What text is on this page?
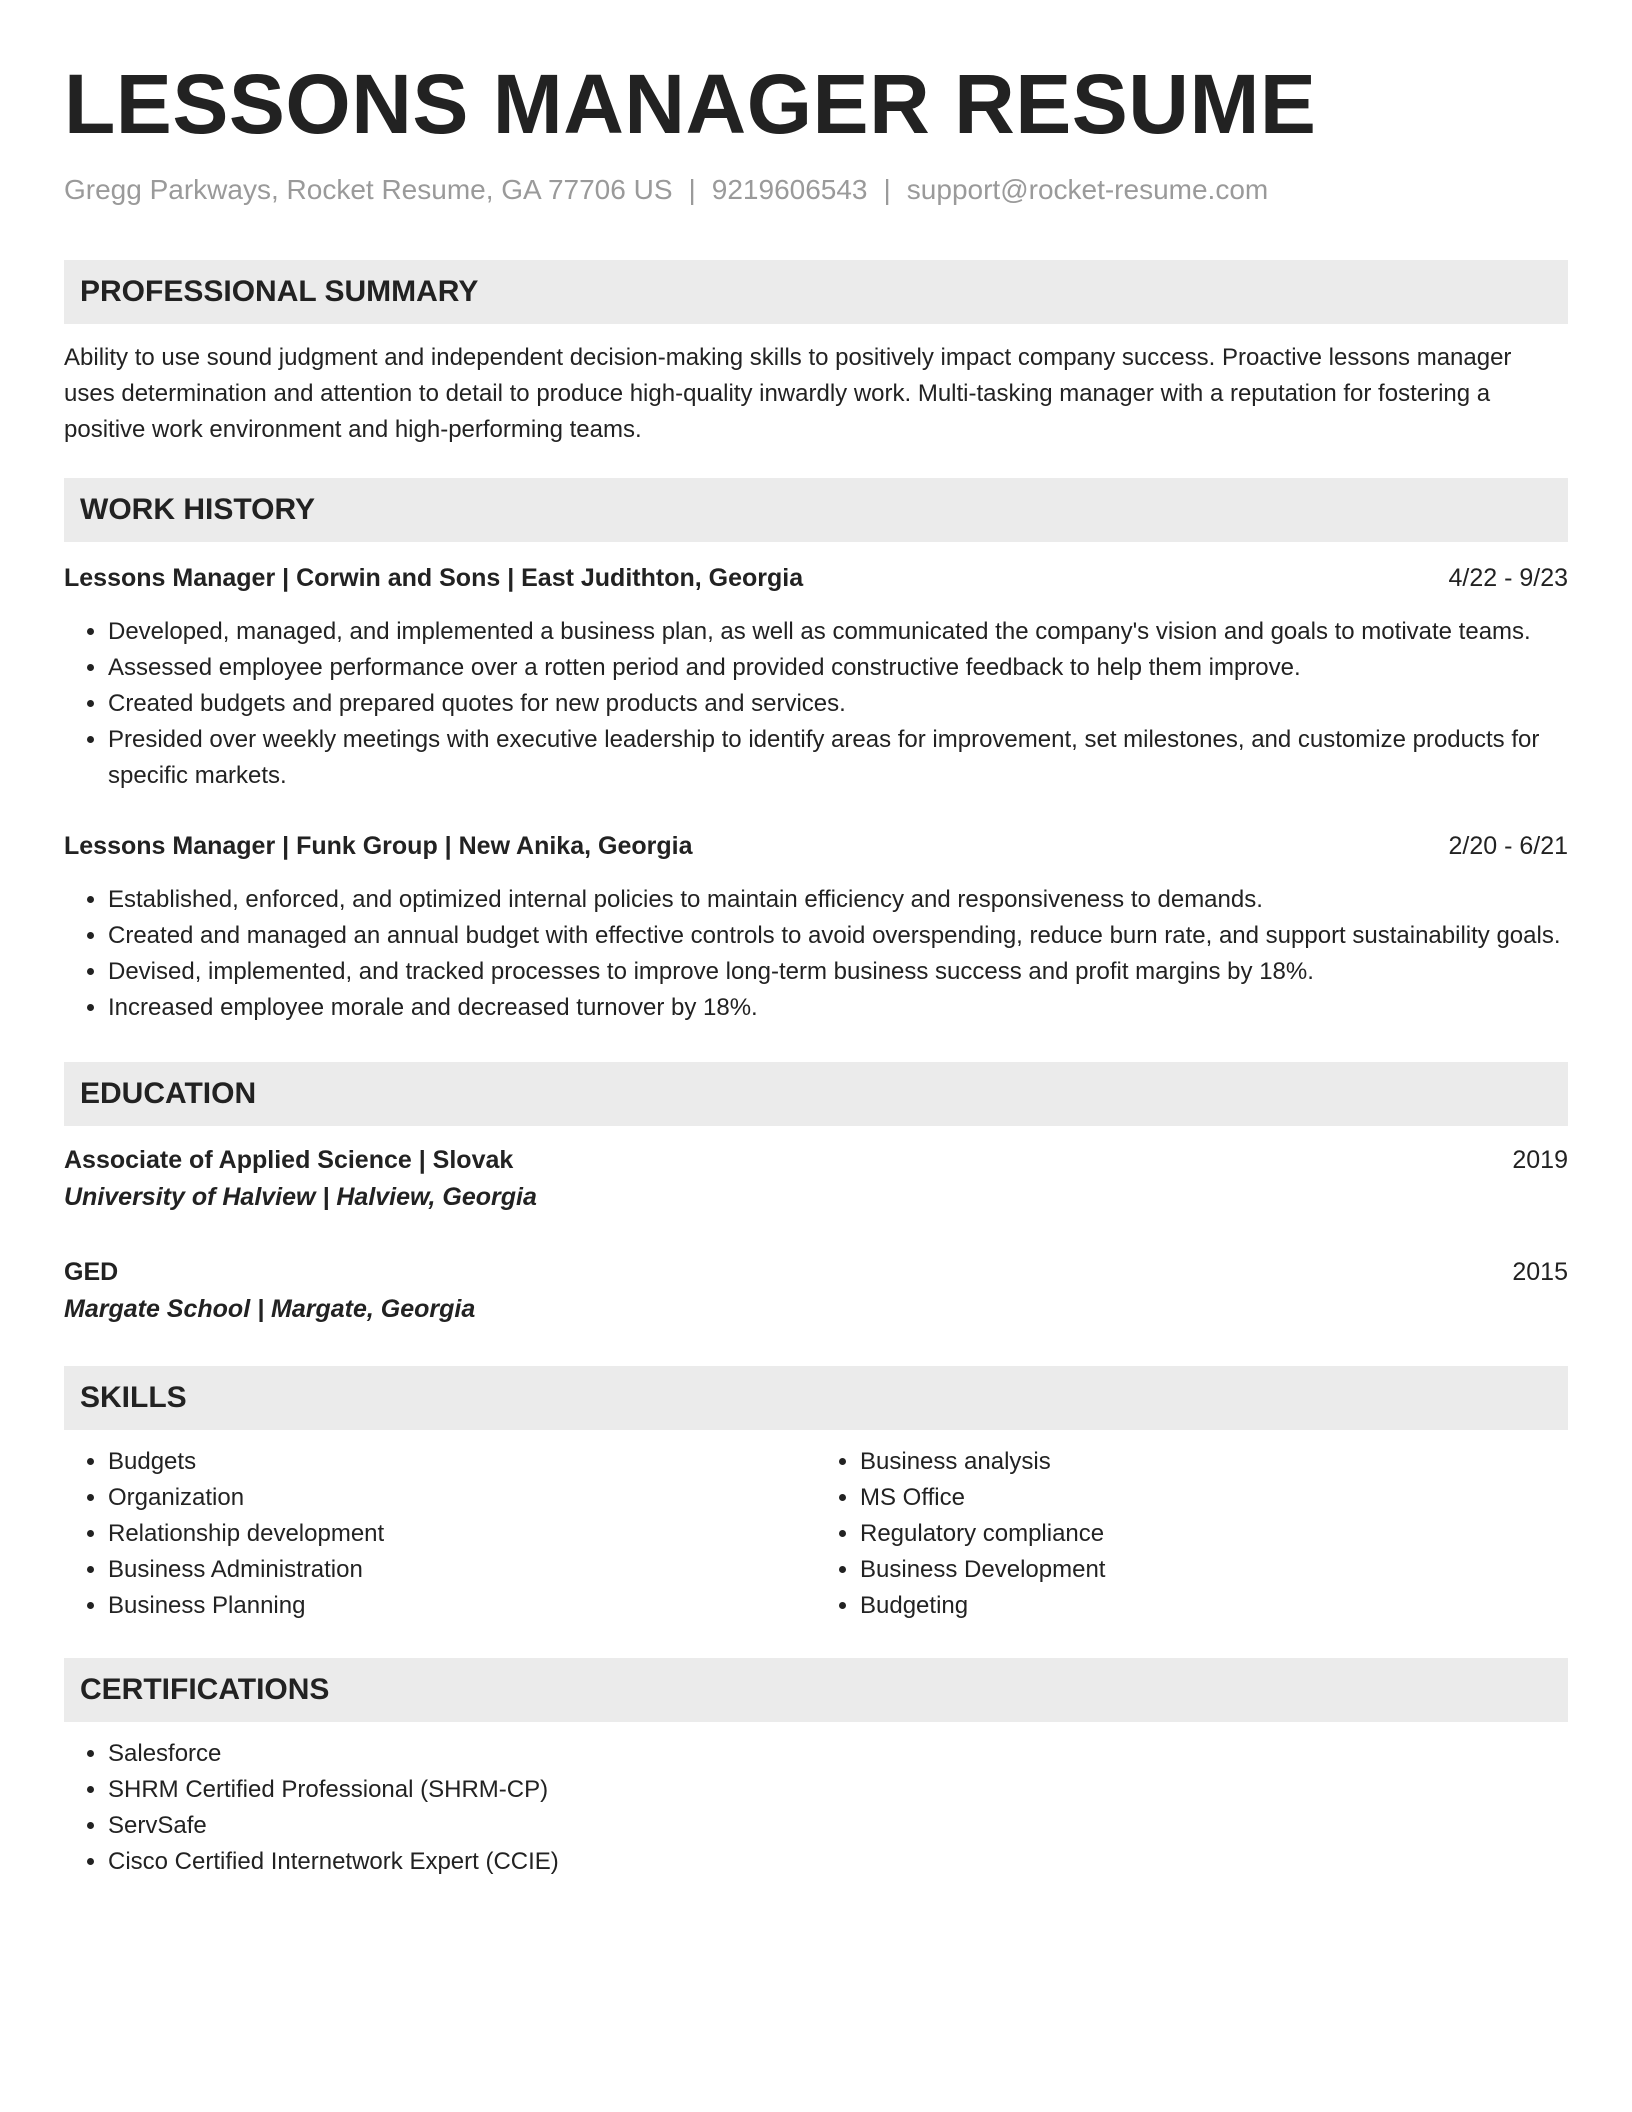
LESSONS MANAGER RESUME
Gregg Parkways, Rocket Resume, GA 77706 US | 9219606543 | support@rocket-resume.com
PROFESSIONAL SUMMARY
Ability to use sound judgment and independent decision-making skills to positively impact company success. Proactive lessons manager uses determination and attention to detail to produce high-quality inwardly work. Multi-tasking manager with a reputation for fostering a positive work environment and high-performing teams.
WORK HISTORY
Lessons Manager | Corwin and Sons | East Judithton, Georgia	4/22 - 9/23
• Developed, managed, and implemented a business plan, as well as communicated the company's vision and goals to motivate teams.
• Assessed employee performance over a rotten period and provided constructive feedback to help them improve.
• Created budgets and prepared quotes for new products and services.
• Presided over weekly meetings with executive leadership to identify areas for improvement, set milestones, and customize products for specific markets.
Lessons Manager | Funk Group | New Anika, Georgia	2/20 - 6/21
• Established, enforced, and optimized internal policies to maintain efficiency and responsiveness to demands.
• Created and managed an annual budget with effective controls to avoid overspending, reduce burn rate, and support sustainability goals.
• Devised, implemented, and tracked processes to improve long-term business success and profit margins by 18%.
• Increased employee morale and decreased turnover by 18%.
EDUCATION
Associate of Applied Science | Slovak	2019
University of Halview | Halview, Georgia
GED	2015
Margate School | Margate, Georgia
SKILLS
• Budgets
• Organization
• Relationship development
• Business Administration
• Business Planning
• Business analysis
• MS Office
• Regulatory compliance
• Business Development
• Budgeting
CERTIFICATIONS
• Salesforce
• SHRM Certified Professional (SHRM-CP)
• ServSafe
• Cisco Certified Internetwork Expert (CCIE)
